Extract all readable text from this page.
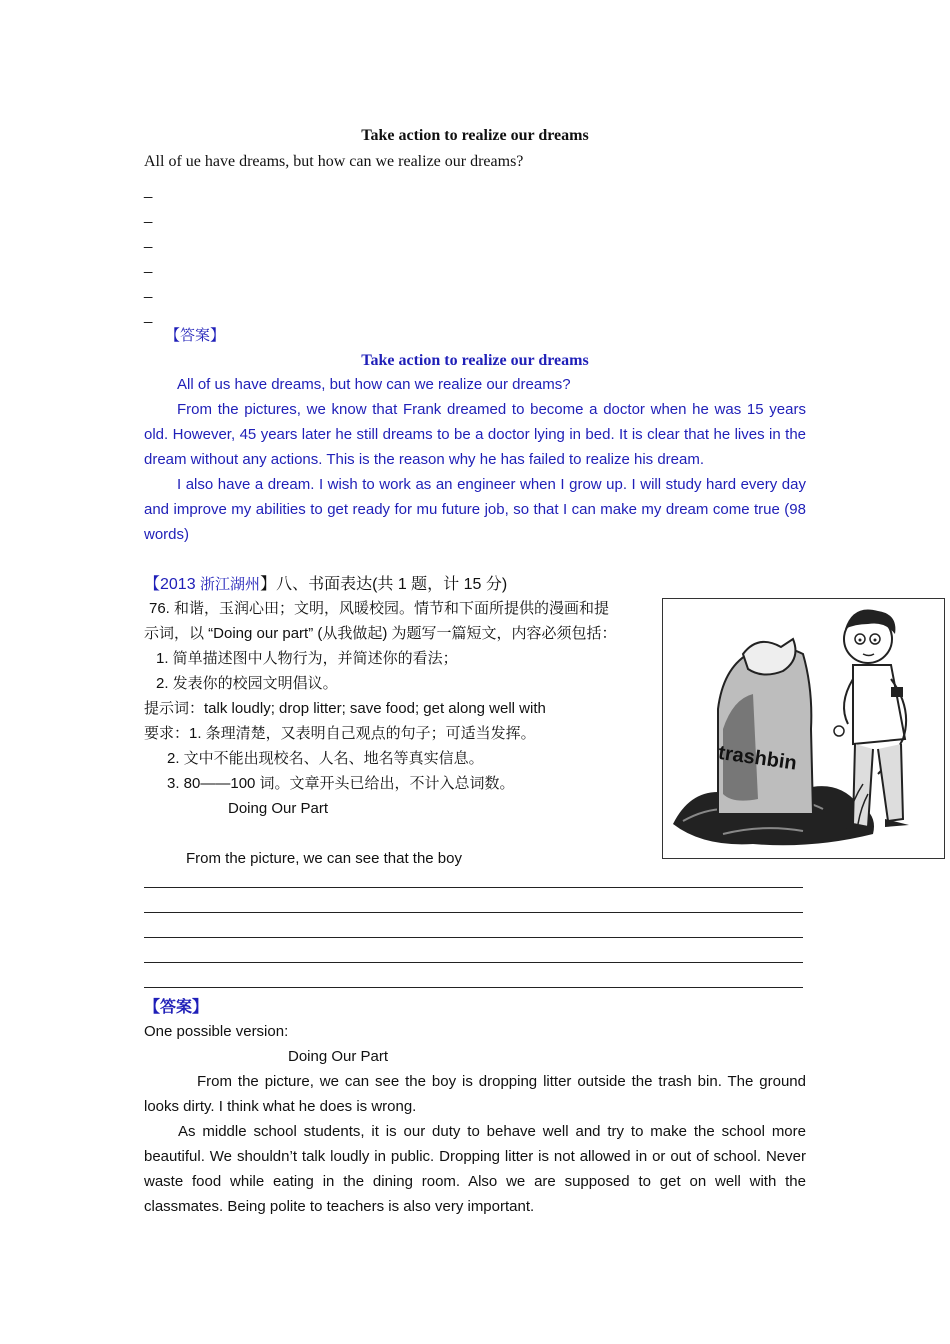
Take action to realize our dreams
All of ue have dreams, but how can we realize our dreams?
_
_
_
_
_
_
【答案】
Take action to realize our dreams
All of us have dreams, but how can we realize our dreams?
From the pictures, we know that Frank dreamed to become a doctor when he was 15 years old. However, 45 years later he still dreams to be a doctor lying in bed. It is clear that he lives in the dream without any actions. This is the reason why he has failed to realize his dream.
I also have a dream. I wish to work as an engineer when I grow up. I will study hard every day and improve my abilities to get ready for mu future job, so that I can make my dream come true (98 words)
【2013 浙江湖州】八、书面表达(共 1 题，计 15 分)
76. 和谐，玉润心田；文明，风暖校园。情节和下面所提供的漫画和提
示词，以 “Doing our part” (从我做起) 为题写一篇短文，内容必须包括：
1. 简单描述图中人物行为，并简述你的看法；
2. 发表你的校园文明倡议。
提示词：talk loudly; drop litter; save food; get along well with
要求：1. 条理清楚，又表明自己观点的句子；可适当发挥。
2. 文中不能出现校名、人名、地名等真实信息。
3. 80——100 词。文章开头已给出，不计入总词数。
Doing Our Part
From the picture, we can see that the boy
trashbin
【答案】
One possible version:
Doing Our Part
From the picture, we can see the boy is dropping litter outside the trash bin. The ground looks dirty. I think what he does is wrong.
As middle school students, it is our duty to behave well and try to make the school more beautiful. We shouldn’t talk loudly in public. Dropping litter is not allowed in or out of school. Never waste food while eating in the dining room. Also we are supposed to get on well with the classmates. Being polite to teachers is also very important.
